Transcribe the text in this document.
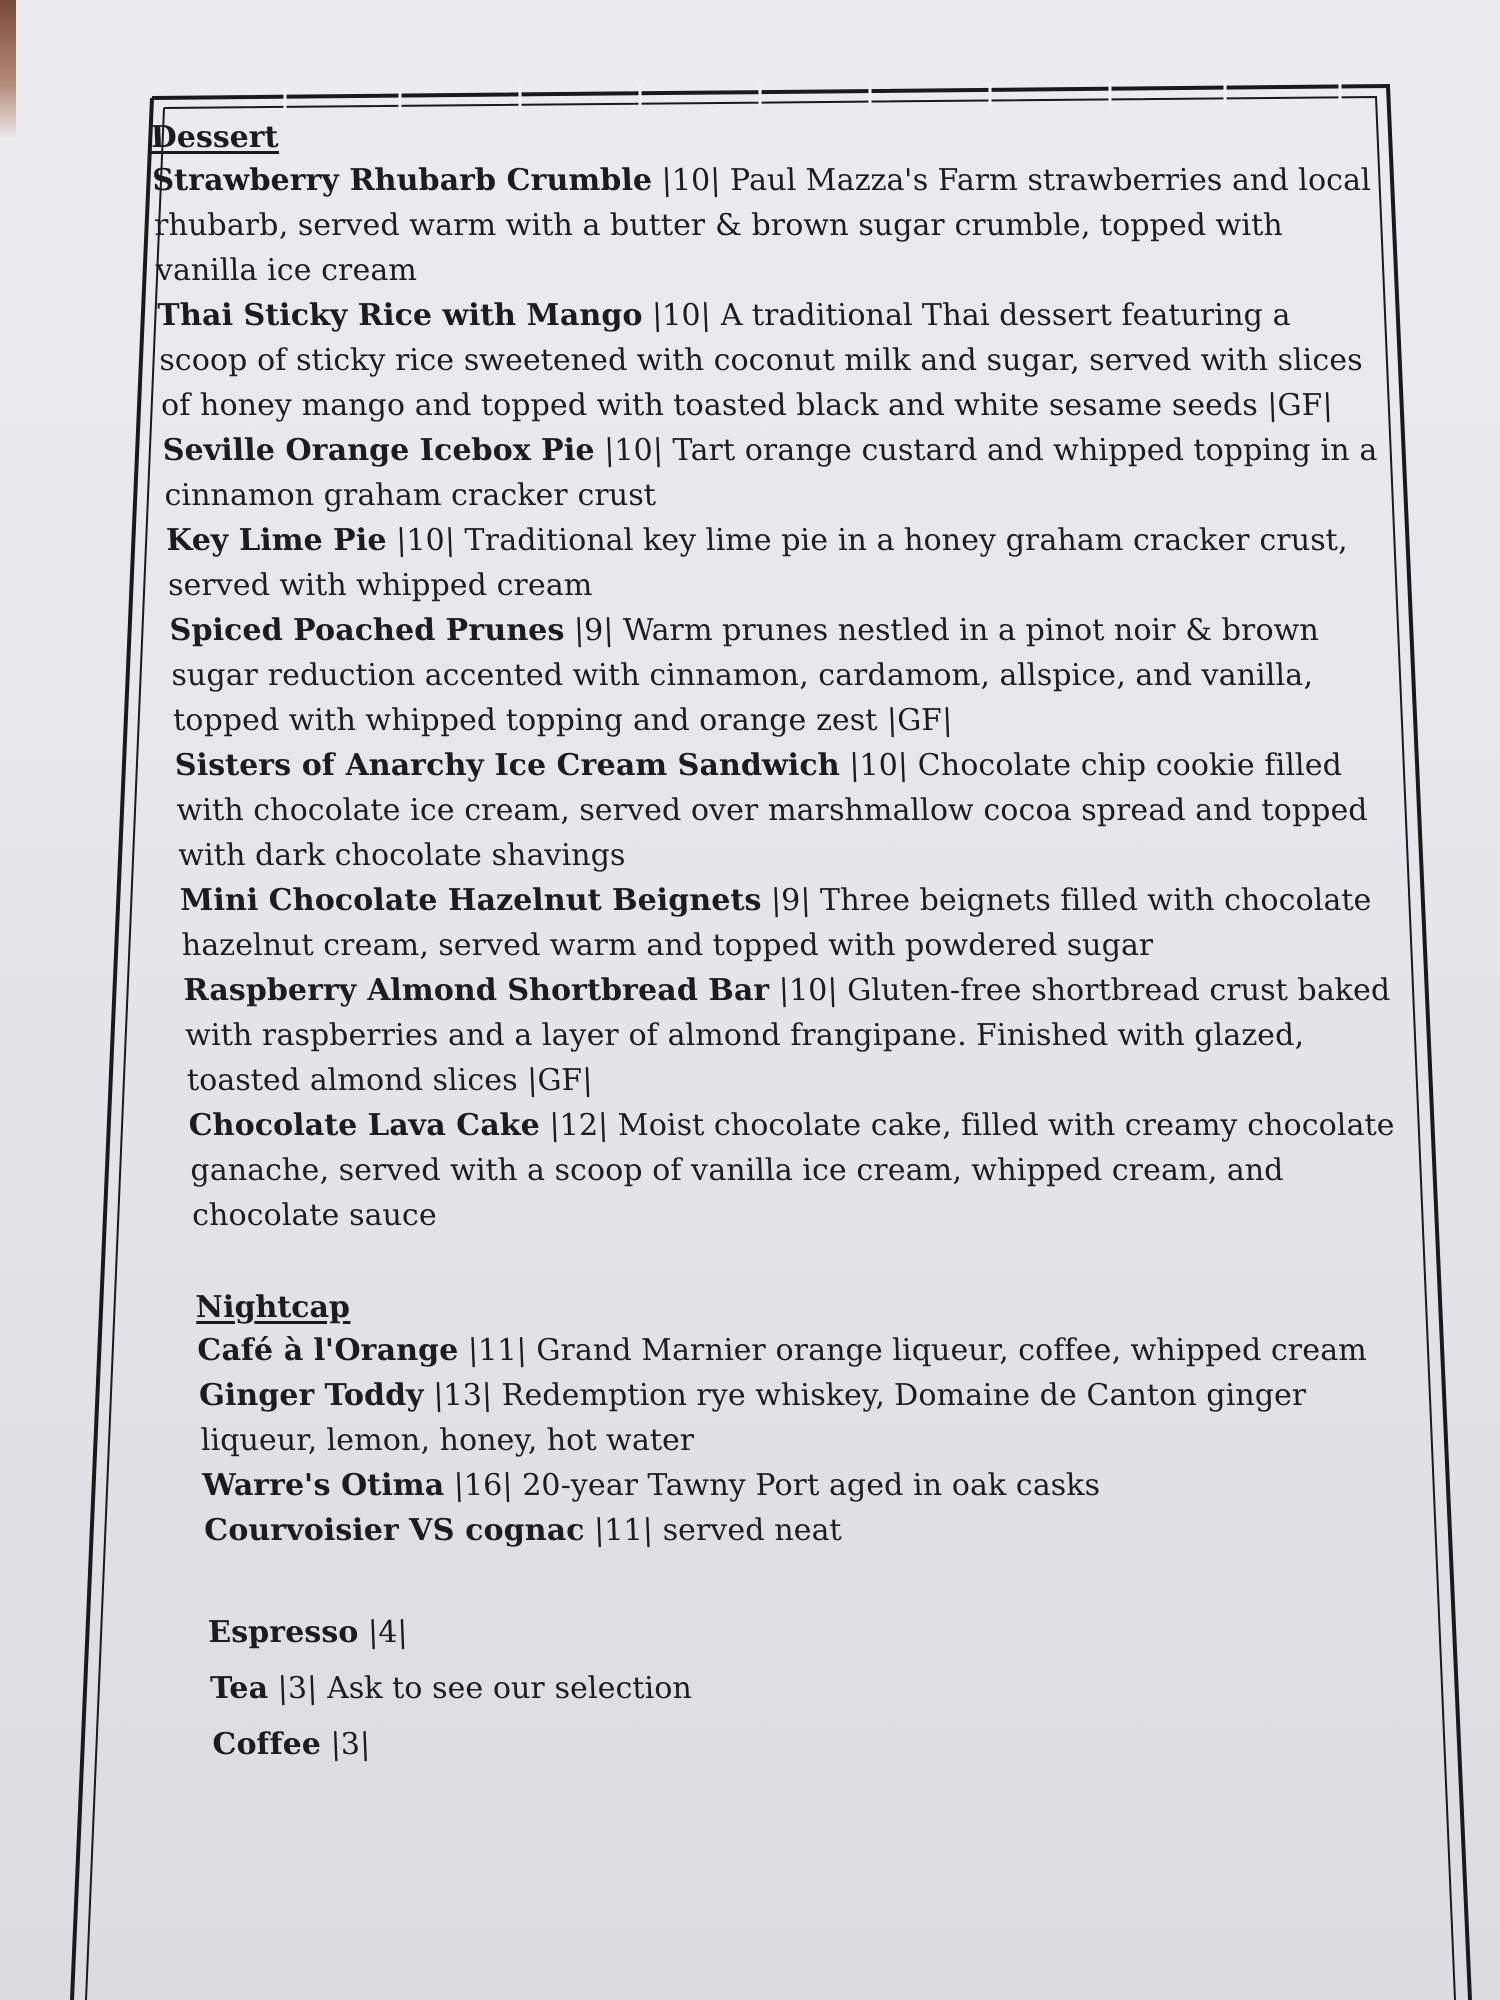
Dessert
Strawberry Rhubarb Crumble |10| Paul Mazza's Farm strawberries and local rhubarb, served warm with a butter & brown sugar crumble, topped with vanilla ice cream
Thai Sticky Rice with Mango |10| A traditional Thai dessert featuring a scoop of sticky rice sweetened with coconut milk and sugar, served with slices of honey mango and topped with toasted black and white sesame seeds |GF|
Seville Orange Icebox Pie |10| Tart orange custard and whipped topping in a cinnamon graham cracker crust
Key Lime Pie |10| Traditional key lime pie in a honey graham cracker crust, served with whipped cream
Spiced Poached Prunes |9| Warm prunes nestled in a pinot noir & brown sugar reduction accented with cinnamon, cardamom, allspice, and vanilla, topped with whipped topping and orange zest |GF|
Sisters of Anarchy Ice Cream Sandwich |10| Chocolate chip cookie filled with chocolate ice cream, served over marshmallow cocoa spread and topped with dark chocolate shavings
Mini Chocolate Hazelnut Beignets |9| Three beignets filled with chocolate hazelnut cream, served warm and topped with powdered sugar
Raspberry Almond Shortbread Bar |10| Gluten-free shortbread crust baked with raspberries and a layer of almond frangipane. Finished with glazed, toasted almond slices |GF|
Chocolate Lava Cake |12| Moist chocolate cake, filled with creamy chocolate ganache, served with a scoop of vanilla ice cream, whipped cream, and chocolate sauce
Nightcap
Café à l'Orange |11| Grand Marnier orange liqueur, coffee, whipped cream
Ginger Toddy |13| Redemption rye whiskey, Domaine de Canton ginger liqueur, lemon, honey, hot water
Warre's Otima |16| 20-year Tawny Port aged in oak casks
Courvoisier VS cognac |11| served neat
Espresso |4|
Tea |3| Ask to see our selection
Coffee |3|
